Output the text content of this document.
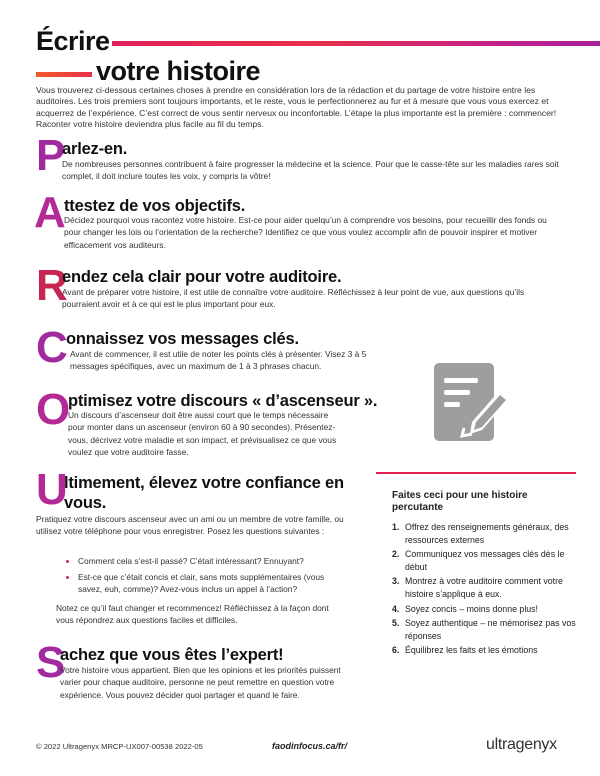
Écrire
votre histoire
Vous trouverez ci-dessous certaines choses à prendre en considération lors de la rédaction et du partage de votre histoire entre les auditoires. Les trois premiers sont toujours importants, et le reste, vous le perfectionnerez au fur et à mesure que vous vous exercez et acquerrez de l’expérience. C’est correct de vous sentir nerveux ou inconfortable. L’étape la plus importante est la première : commencer! Raconter votre histoire deviendra plus facile au fil du temps.
P
arlez-en.
De nombreuses personnes contribuent à faire progresser la médecine et la science. Pour que le casse-tête sur les maladies rares soit complet, il doit inclure toutes les voix, y compris la vôtre!
A
ttestez de vos objectifs.
Décidez pourquoi vous racontez votre histoire. Est-ce pour aider quelqu’un à comprendre vos besoins, pour recueillir des fonds ou pour changer les lois ou l’orientation de la recherche? Identifiez ce que vous voulez accomplir afin de pouvoir inspirer et motiver efficacement vos auditeurs.
R
endez cela clair pour votre auditoire.
Avant de préparer votre histoire, il est utile de connaître votre auditoire. Réfléchissez à leur point de vue, aux questions qu’ils pourraient avoir et à ce qui est le plus important pour eux.
C
onnaissez vos messages clés.
Avant de commencer, il est utile de noter les points clés à présenter. Visez 3 à 5 messages spécifiques, avec un maximum de 1 à 3 phrases chacun.
O
ptimisez votre discours « d’ascenseur ».
Un discours d’ascenseur doit être aussi court que le temps nécessaire pour monter dans un ascenseur (environ 60 à 90 secondes). Présentez-vous, décrivez votre maladie et son impact, et prévisualisez ce que vous voulez que votre auditoire fasse.
U
ltimement, élevez votre confiance en vous.
Pratiquez votre discours ascenseur avec un ami ou un membre de votre famille, ou utilisez votre téléphone pour vous enregistrer. Posez les questions suivantes :
• Comment cela s’est-il passé? C’était intéressant? Ennuyant?
• Est-ce que c’était concis et clair, sans mots supplémentaires (vous savez, euh, comme)? Avez-vous inclus un appel à l’action?
Notez ce qu’il faut changer et recommencez! Réfléchissez à la façon dont vous répondrez aux questions faciles et difficiles.
S
achez que vous êtes l’expert!
Votre histoire vous appartient. Bien que les opinions et les priorités puissent varier pour chaque auditoire, personne ne peut remettre en question votre expérience. Vous pouvez décider quoi partager et quand le faire.
Faites ceci pour une histoire percutante
1. Offrez des renseignements généraux, des ressources externes
2. Communiquez vos messages clés dès le début
3. Montrez à votre auditoire comment votre histoire s’applique à eux.
4. Soyez concis – moins donne plus!
5. Soyez authentique – ne mémorisez pas vos réponses
6. Équilibrez les faits et les émotions
© 2022 Ultragenyx MRCP-UX007-00538 2022-05	faodinfocus.ca/fr/	ultragenyx
